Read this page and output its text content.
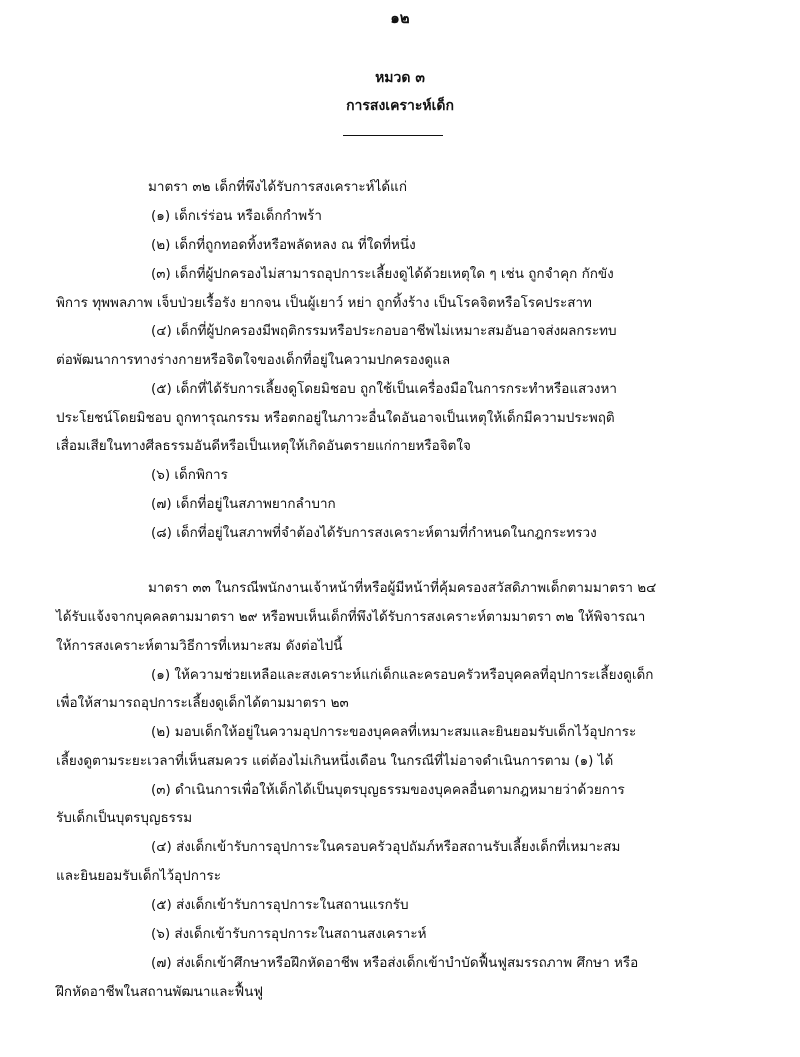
๑๒
หมวด ๓
การสงเคราะห์เด็ก
มาตรา ๓๒ เด็กที่พึงได้รับการสงเคราะห์ได้แก่
(๑) เด็กเร่ร่อน หรือเด็กกำพร้า
(๒) เด็กที่ถูกทอดทิ้งหรือพลัดหลง ณ ที่ใดที่หนึ่ง
(๓) เด็กที่ผู้ปกครองไม่สามารถอุปการะเลี้ยงดูได้ด้วยเหตุใด ๆ เช่น ถูกจำคุก กักขัง
พิการ ทุพพลภาพ เจ็บป่วยเรื้อรัง ยากจน เป็นผู้เยาว์ หย่า ถูกทิ้งร้าง เป็นโรคจิตหรือโรคประสาท
(๔) เด็กที่ผู้ปกครองมีพฤติกรรมหรือประกอบอาชีพไม่เหมาะสมอันอาจส่งผลกระทบ
ต่อพัฒนาการทางร่างกายหรือจิตใจของเด็กที่อยู่ในความปกครองดูแล
(๕) เด็กที่ได้รับการเลี้ยงดูโดยมิชอบ ถูกใช้เป็นเครื่องมือในการกระทำหรือแสวงหา
ประโยชน์โดยมิชอบ ถูกทารุณกรรม หรือตกอยู่ในภาวะอื่นใดอันอาจเป็นเหตุให้เด็กมีความประพฤติ
เสื่อมเสียในทางศีลธรรมอันดีหรือเป็นเหตุให้เกิดอันตรายแก่กายหรือจิตใจ
(๖) เด็กพิการ
(๗) เด็กที่อยู่ในสภาพยากลำบาก
(๘) เด็กที่อยู่ในสภาพที่จำต้องได้รับการสงเคราะห์ตามที่กำหนดในกฎกระทรวง
มาตรา ๓๓ ในกรณีพนักงานเจ้าหน้าที่หรือผู้มีหน้าที่คุ้มครองสวัสดิภาพเด็กตามมาตรา ๒๔
ได้รับแจ้งจากบุคคลตามมาตรา ๒๙ หรือพบเห็นเด็กที่พึงได้รับการสงเคราะห์ตามมาตรา ๓๒ ให้พิจารณา
ให้การสงเคราะห์ตามวิธีการที่เหมาะสม ดังต่อไปนี้
(๑) ให้ความช่วยเหลือและสงเคราะห์แก่เด็กและครอบครัวหรือบุคคลที่อุปการะเลี้ยงดูเด็ก
เพื่อให้สามารถอุปการะเลี้ยงดูเด็กได้ตามมาตรา ๒๓
(๒) มอบเด็กให้อยู่ในความอุปการะของบุคคลที่เหมาะสมและยินยอมรับเด็กไว้อุปการะ
เลี้ยงดูตามระยะเวลาที่เห็นสมควร แต่ต้องไม่เกินหนึ่งเดือน ในกรณีที่ไม่อาจดำเนินการตาม (๑) ได้
(๓) ดำเนินการเพื่อให้เด็กได้เป็นบุตรบุญธรรมของบุคคลอื่นตามกฎหมายว่าด้วยการ
รับเด็กเป็นบุตรบุญธรรม
(๔) ส่งเด็กเข้ารับการอุปการะในครอบครัวอุปถัมภ์หรือสถานรับเลี้ยงเด็กที่เหมาะสม
และยินยอมรับเด็กไว้อุปการะ
(๕) ส่งเด็กเข้ารับการอุปการะในสถานแรกรับ
(๖) ส่งเด็กเข้ารับการอุปการะในสถานสงเคราะห์
(๗) ส่งเด็กเข้าศึกษาหรือฝึกหัดอาชีพ หรือส่งเด็กเข้าบำบัดฟื้นฟูสมรรถภาพ ศึกษา หรือ
ฝึกหัดอาชีพในสถานพัฒนาและฟื้นฟู
